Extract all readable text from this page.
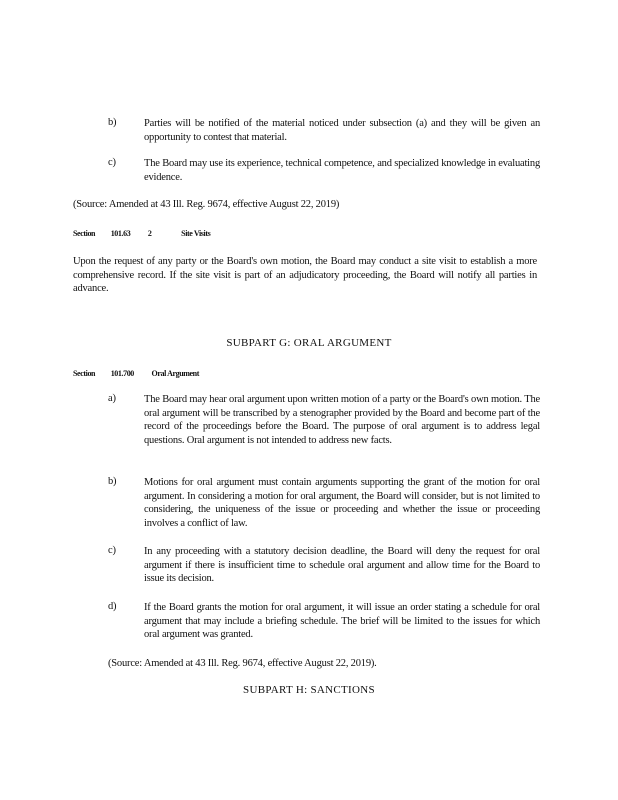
b)	Parties will be notified of the material noticed under subsection (a) and they will be given an opportunity to contest that material.
c)	The Board may use its experience, technical competence, and specialized knowledge in evaluating evidence.
(Source: Amended at 43 Ill. Reg. 9674, effective August 22, 2019)
Section 101.63 2	Site Visits
Upon the request of any party or the Board's own motion, the Board may conduct a site visit to establish a more comprehensive record. If the site visit is part of an adjudicatory proceeding, the Board will notify all parties in advance.
SUBPART G: ORAL ARGUMENT
Section 101.700 Oral Argument
a)	The Board may hear oral argument upon written motion of a party or the Board's own motion. The oral argument will be transcribed by a stenographer provided by the Board and become part of the record of the proceedings before the Board. The purpose of oral argument is to address legal questions. Oral argument is not intended to address new facts.
b)	Motions for oral argument must contain arguments supporting the grant of the motion for oral argument. In considering a motion for oral argument, the Board will consider, but is not limited to considering, the uniqueness of the issue or proceeding and whether the issue or proceeding involves a conflict of law.
c)	In any proceeding with a statutory decision deadline, the Board will deny the request for oral argument if there is insufficient time to schedule oral argument and allow time for the Board to issue its decision.
d)	If the Board grants the motion for oral argument, it will issue an order stating a schedule for oral argument that may include a briefing schedule. The brief will be limited to the issues for which oral argument was granted.
(Source: Amended at 43 Ill. Reg. 9674, effective August 22, 2019).
SUBPART H: SANCTIONS
